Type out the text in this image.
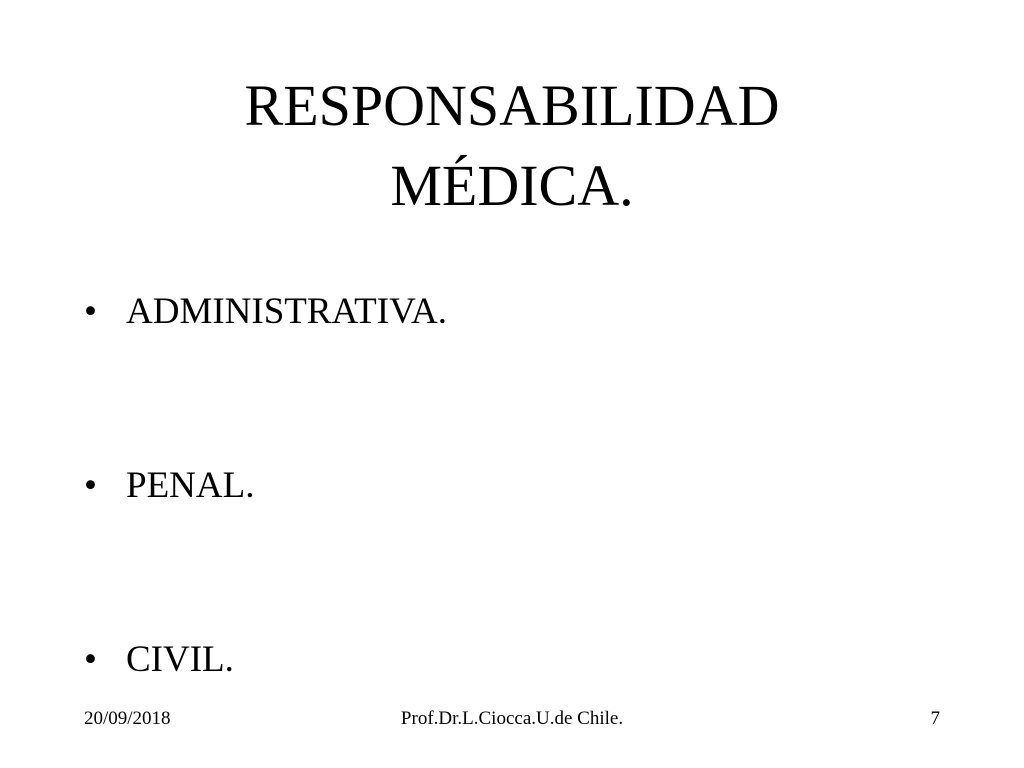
RESPONSABILIDAD
MÉDICA.
• ADMINISTRATIVA.
• PENAL.
• CIVIL.
20/09/2018	Prof.Dr.L.Ciocca.U.de Chile.	7
